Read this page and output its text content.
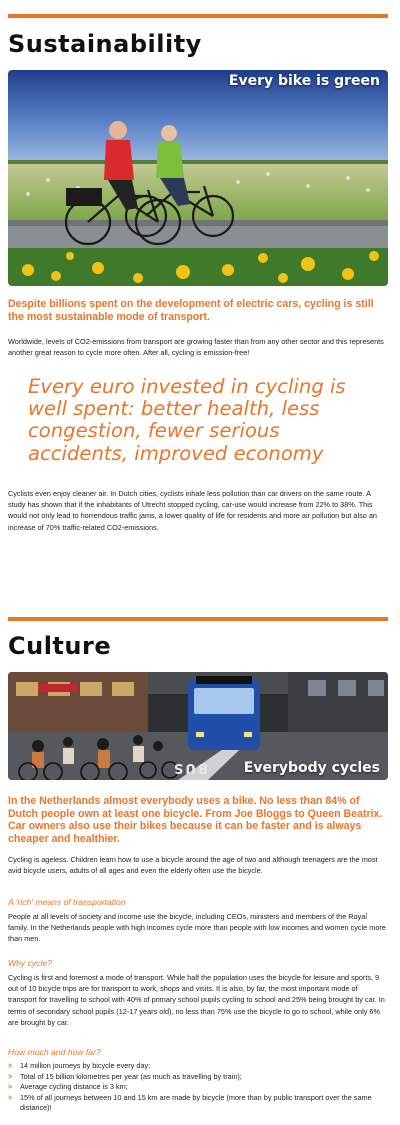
Sustainability
Every bike is green

Despite billions spent on the development of electric cars, cycling is still the most sustainable mode of transport.

Worldwide, levels of CO2-emissions from transport are growing faster than from any other sector and this represents another great reason to cycle more often. After all, cycling is emission-free!

Every euro invested in cycling is well spent: better health, less congestion, fewer serious accidents, improved economy

Cyclists even enjoy cleaner air. In Dutch cities, cyclists inhale less pollution than car drivers on the same route. A study has shown that if the inhabitants of Utrecht stopped cycling, car-use would increase from 22% to 38%. This would not only lead to horrendous traffic jams, a lower quality of life for residents and more air pollution but also an increase of 70% traffic-related CO2-emissions.

Culture
BUS	Everybody cycles

In the Netherlands almost everybody uses a bike. No less than 84% of Dutch people own at least one bicycle. From Joe Bloggs to Queen Beatrix. Car owners also use their bikes because it can be faster and is always cheaper and healthier.

Cycling is ageless. Children learn how to use a bicycle around the age of two and although teenagers are the most avid bicycle users, adults of all ages and even the elderly often use the bicycle.

A 'rich' means of transportation

People at all levels of society and income use the bicycle, including CEOs, ministers and members of the Royal family. In the Netherlands people with high incomes cycle more than people with low incomes and women cycle more than men.

Why cycle?

Cycling is first and foremost a mode of transport. While half the population uses the bicycle for leisure and sports, 9 out of 10 bicycle trips are for transport to work, shops and visits. It is also, by far, the most important mode of transport for travelling to school with 40% of primary school pupils cycling to school and 25% being brought by car. In terms of secondary school pupils (12-17 years old), no less than 75% use the bicycle to go to school, while only 6% are brought by car.

How much and how far?

> 14 million journeys by bicycle every day;
> Total of 15 billion kilometres per year (as much as travelling by train);
> Average cycling distance is 3 km;
> 15% of all journeys between 10 and 15 km are made by bicycle (more than by public transport over the same distance)!
